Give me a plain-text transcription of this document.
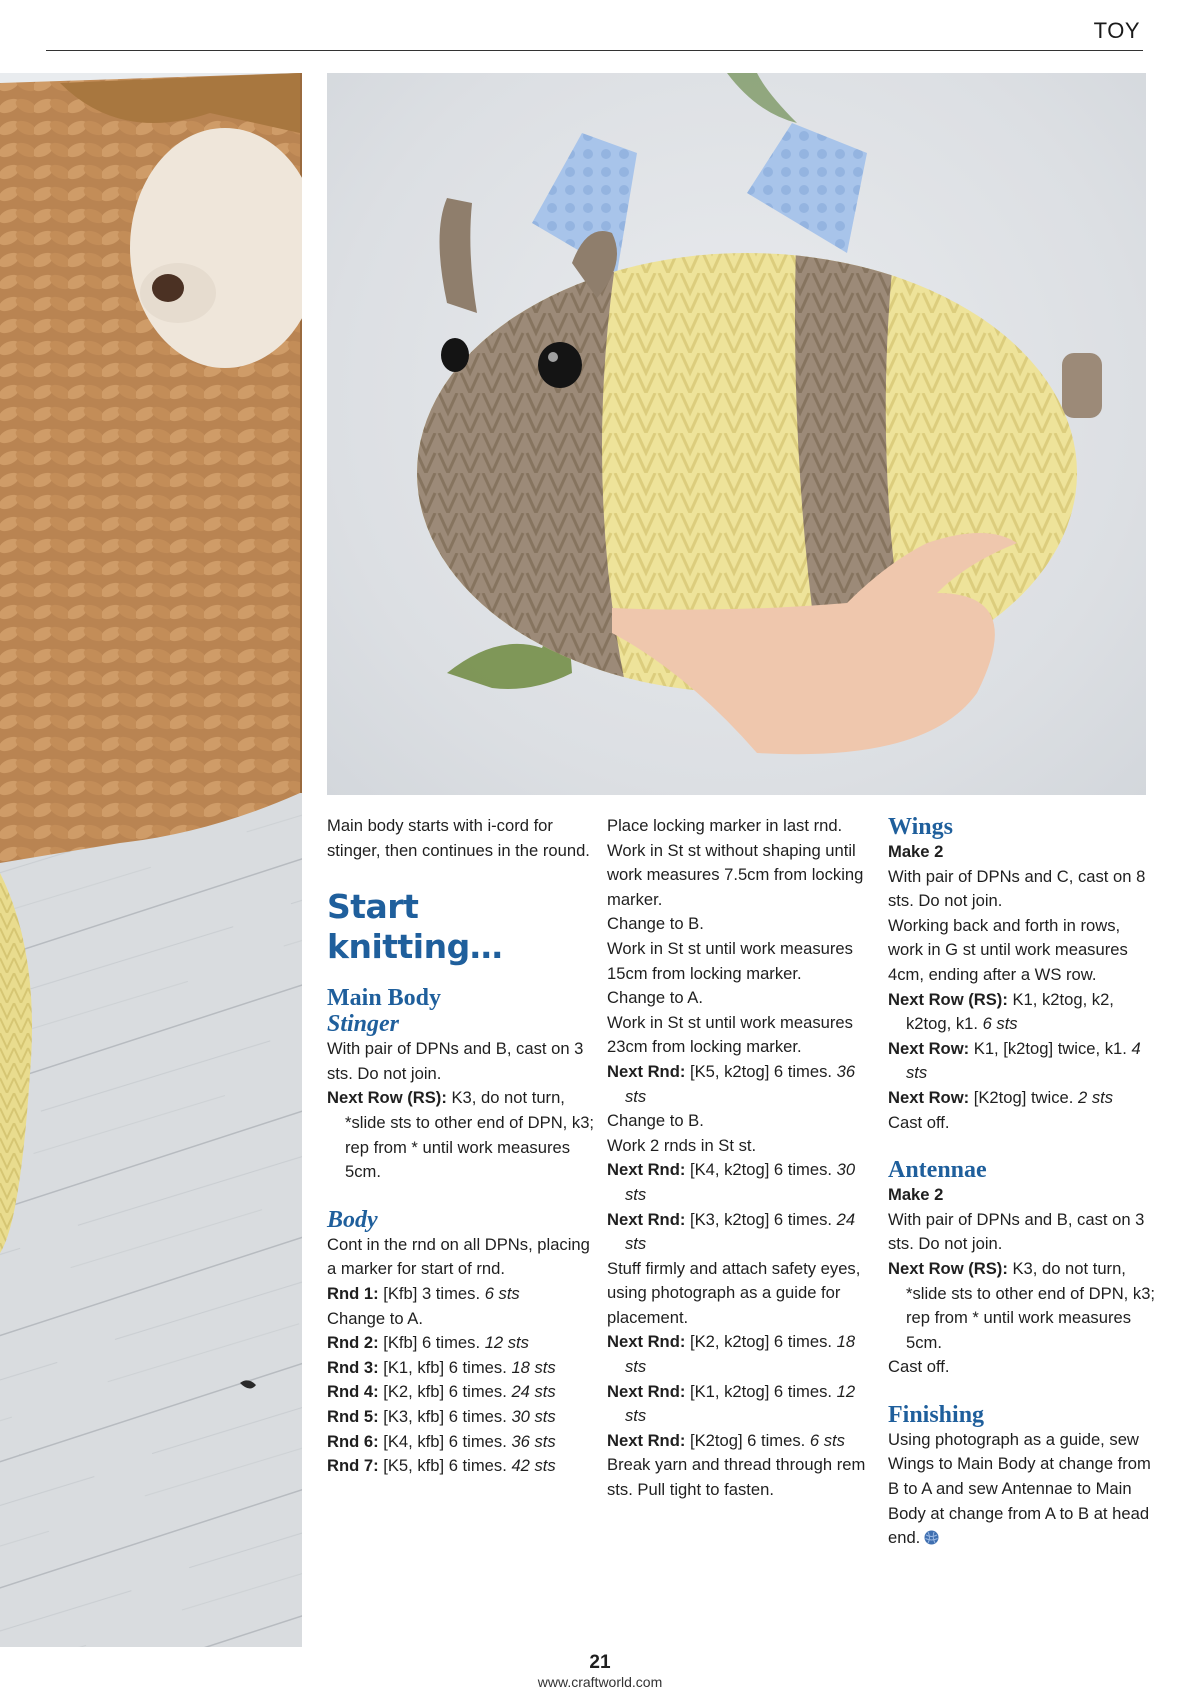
TOY

Main body starts with i-cord for stinger, then continues in the round.

Start knitting…

Main Body

Stinger

With pair of DPNs and B, cast on 3 sts. Do not join.

Next Row (RS): K3, do not turn, *slide sts to other end of DPN, k3; rep from * until work measures 5cm.

Body

Cont in the rnd on all DPNs, placing a marker for start of rnd.

Rnd 1: [Kfb] 3 times. 6 sts

Change to A.

Rnd 2: [Kfb] 6 times. 12 sts

Rnd 3: [K1, kfb] 6 times. 18 sts

Rnd 4: [K2, kfb] 6 times. 24 sts

Rnd 5: [K3, kfb] 6 times. 30 sts

Rnd 6: [K4, kfb] 6 times. 36 sts

Rnd 7: [K5, kfb] 6 times. 42 sts

Place locking marker in last rnd.

Work in St st without shaping until work measures 7.5cm from locking marker.

Change to B.

Work in St st until work measures 15cm from locking marker.

Change to A.

Work in St st until work measures 23cm from locking marker.

Next Rnd: [K5, k2tog] 6 times. 36 sts

Change to B.

Work 2 rnds in St st.

Next Rnd: [K4, k2tog] 6 times. 30 sts

Next Rnd: [K3, k2tog] 6 times. 24 sts

Stuff firmly and attach safety eyes, using photograph as a guide for placement.

Next Rnd: [K2, k2tog] 6 times. 18 sts

Next Rnd: [K1, k2tog] 6 times. 12 sts

Next Rnd: [K2tog] 6 times. 6 sts

Break yarn and thread through rem sts. Pull tight to fasten.

Wings

Make 2

With pair of DPNs and C, cast on 8 sts. Do not join.

Working back and forth in rows, work in G st until work measures 4cm, ending after a WS row.

Next Row (RS): K1, k2tog, k2, k2tog, k1. 6 sts

Next Row: K1, [k2tog] twice, k1. 4 sts

Next Row: [K2tog] twice. 2 sts

Cast off.

Antennae

Make 2

With pair of DPNs and B, cast on 3 sts. Do not join.

Next Row (RS): K3, do not turn, *slide sts to other end of DPN, k3; rep from * until work measures 5cm.

Cast off.

Finishing

Using photograph as a guide, sew Wings to Main Body at change from B to A and sew Antennae to Main Body at change from A to B at head end.

21
www.craftworld.com
